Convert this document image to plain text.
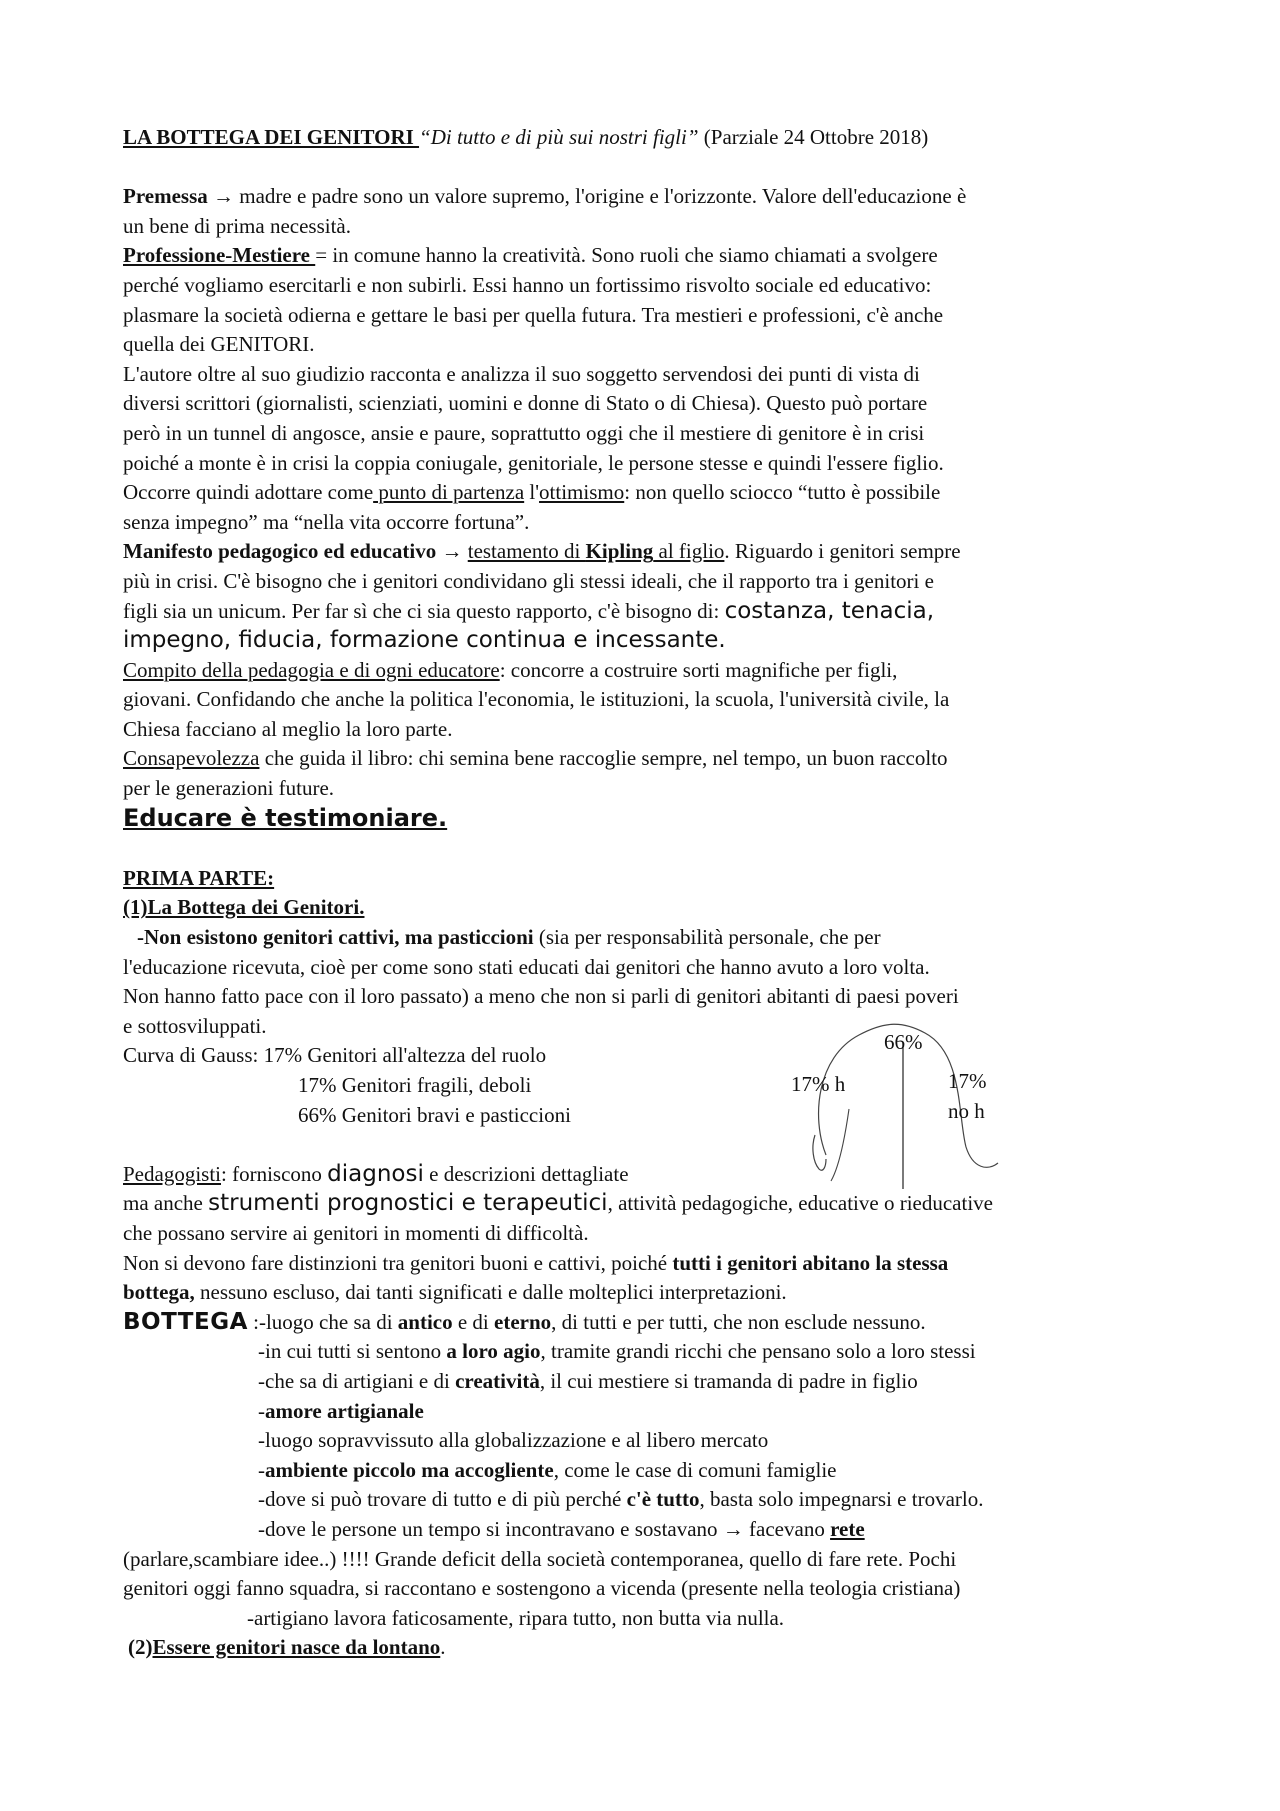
LA BOTTEGA DEI GENITORI “Di tutto e di più sui nostri figli” (Parziale 24 Ottobre 2018)

Premessa → madre e padre sono un valore supremo, l'origine e l'orizzonte. Valore dell'educazione è
un bene di prima necessità.

Professione-Mestiere = in comune hanno la creatività. Sono ruoli che siamo chiamati a svolgere
perché vogliamo esercitarli e non subirli. Essi hanno un fortissimo risvolto sociale ed educativo:
plasmare la società odierna e gettare le basi per quella futura. Tra mestieri e professioni, c'è anche
quella dei GENITORI.

L'autore oltre al suo giudizio racconta e analizza il suo soggetto servendosi dei punti di vista di
diversi scrittori (giornalisti, scienziati, uomini e donne di Stato o di Chiesa). Questo può portare
però in un tunnel di angosce, ansie e paure, soprattutto oggi che il mestiere di genitore è in crisi
poiché a monte è in crisi la coppia coniugale, genitoriale, le persone stesse e quindi l'essere figlio.
Occorre quindi adottare come punto di partenza l'ottimismo: non quello sciocco “tutto è possibile
senza impegno” ma “nella vita occorre fortuna”.

Manifesto pedagogico ed educativo → testamento di Kipling al figlio. Riguardo i genitori sempre
più in crisi. C'è bisogno che i genitori condividano gli stessi ideali, che il rapporto tra i genitori e
figli sia un unicum. Per far sì che ci sia questo rapporto, c'è bisogno di: costanza, tenacia,
impegno, fiducia, formazione continua e incessante.

Compito della pedagogia e di ogni educatore: concorre a costruire sorti magnifiche per figli,
giovani. Confidando che anche la politica l'economia, le istituzioni, la scuola, l'università civile, la
Chiesa facciano al meglio la loro parte.

Consapevolezza che guida il libro: chi semina bene raccoglie sempre, nel tempo, un buon raccolto
per le generazioni future.

Educare è testimoniare.

PRIMA PARTE:

(1)La Bottega dei Genitori.

-Non esistono genitori cattivi, ma pasticcioni (sia per responsabilità personale, che per

l'educazione ricevuta, cioè per come sono stati educati dai genitori che hanno avuto a loro volta.
Non hanno fatto pace con il loro passato) a meno che non si parli di genitori abitanti di paesi poveri
e sottosviluppati.

Curva di Gauss: 17% Genitori all'altezza del ruolo

17% Genitori fragili, deboli

66% Genitori bravi e pasticcioni

66%
17% h	17% no h

Pedagogisti: forniscono diagnosi e descrizioni dettagliate
ma anche strumenti prognostici e terapeutici, attività pedagogiche, educative o rieducative
che possano servire ai genitori in momenti di difficoltà.

Non si devono fare distinzioni tra genitori buoni e cattivi, poiché tutti i genitori abitano la stessa
bottega, nessuno escluso, dai tanti significati e dalle molteplici interpretazioni.

BOTTEGA :-luogo che sa di antico e di eterno, di tutti e per tutti, che non esclude nessuno.

-in cui tutti si sentono a loro agio, tramite grandi ricchi che pensano solo a loro stessi

-che sa di artigiani e di creatività, il cui mestiere si tramanda di padre in figlio

-amore artigianale

-luogo sopravvissuto alla globalizzazione e al libero mercato

-ambiente piccolo ma accogliente, come le case di comuni famiglie

-dove si può trovare di tutto e di più perché c'è tutto, basta solo impegnarsi e trovarlo.

-dove le persone un tempo si incontravano e sostavano → facevano rete

(parlare,scambiare idee..) !!!! Grande deficit della società contemporanea, quello di fare rete. Pochi

genitori oggi fanno squadra, si raccontano e sostengono a vicenda (presente nella teologia cristiana)

-artigiano lavora faticosamente, ripara tutto, non butta via nulla.

(2)Essere genitori nasce da lontano.
